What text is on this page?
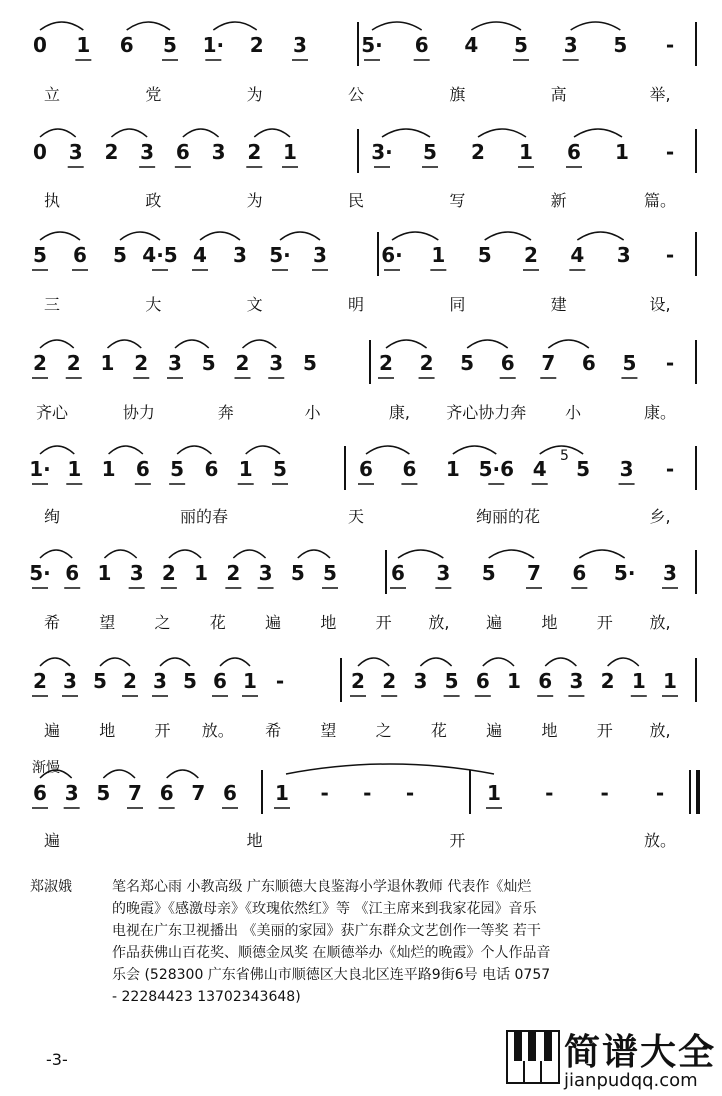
0 1 6 5 1· 2 3	5· 6 4 5 3 5 -
立	党	为	公	旗	高	举,
0 3 2 3 6 3 2 1	3· 5 2 1 6 1 -
执	政	为	民	写	新	篇。
5 6 5 4·5 4 3 5· 3	6· 1 5 2 4 3 -
三	大	文	明	同	建	设,
2 2 1 2 3 5 2 3 5	2 2 5 6 7 6 5 -
齐心	协力	奔	小	康, 齐心协力奔 小	康。
1· 1 1 6 5 6 1 5	6 6 1 5·6 4 5 3 -
绚	丽的春	天	绚丽的花	乡,
5· 6 1 3 2 1 2 3 5 5	6 3 5 7 6 5· 3
希 望 之 花 遍 地 开 放, 遍 地 开 放,
2 3 5 2 3 5 6 1 -	2 2 3 5 6 1 6 3 2 1 1
遍 地 开 放。 希 望 之 花 遍 地 开 放,
6 3 5 7 6 7 6 1 - - -	1 - - -
遍	地	开	放。
渐慢
5
郑淑娥	笔名郑心雨 小教高级 广东顺德大良鉴海小学退休教师 代表作《灿烂
的晚霞》《感激母亲》《玫瑰依然红》等 《江主席来到我家花园》音乐
电视在广东卫视播出 《美丽的家园》获广东群众文艺创作一等奖 若干
作品获佛山百花奖、顺德金凤奖 在顺德举办《灿烂的晚霞》个人作品音
乐会 (528300 广东省佛山市顺德区大良北区连平路9街6号 电话 0757
- 22284423 13702343648)
-3-	简谱大全
jianpudqq.com
